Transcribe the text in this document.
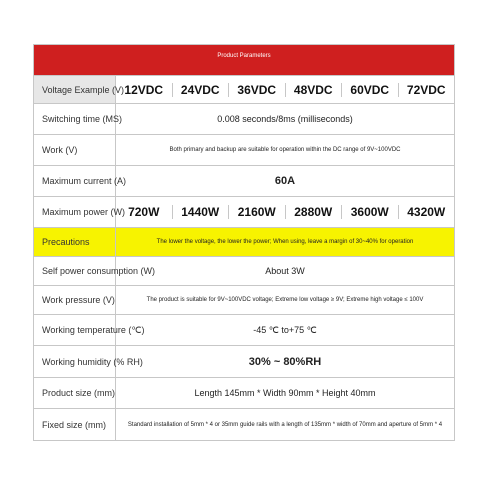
Product Parameters
Voltage Example (V) 12VDC	24VDC	36VDC	48VDC	60VDC	72VDC
Switching time (MS)	0.008 seconds/8ms (milliseconds)
Work (V)	Both primary and backup are suitable for operation within the DC range of 9V~100VDC
Maximum current (A)	60A
Maximum power (W) 720W	1440W	2160W	2880W	3600W	4320W
Precautions	The lower the voltage, the lower the power; When using, leave a margin of 30~40% for operation
Self power consumption (W)	About 3W
Work pressure (V)	The product is suitable for 9V~100VDC voltage; Extreme low voltage ≥ 9V; Extreme high voltage ≤ 100V
Working temperature (℃)	-45 ℃ to+75 ℃
Working humidity (% RH)	30% ~ 80%RH
Product size (mm)	Length 145mm * Width 90mm * Height 40mm
Fixed size (mm)	Standard installation of 5mm * 4 or 35mm guide rails with a length of 135mm * width of 70mm and aperture of 5mm * 4
